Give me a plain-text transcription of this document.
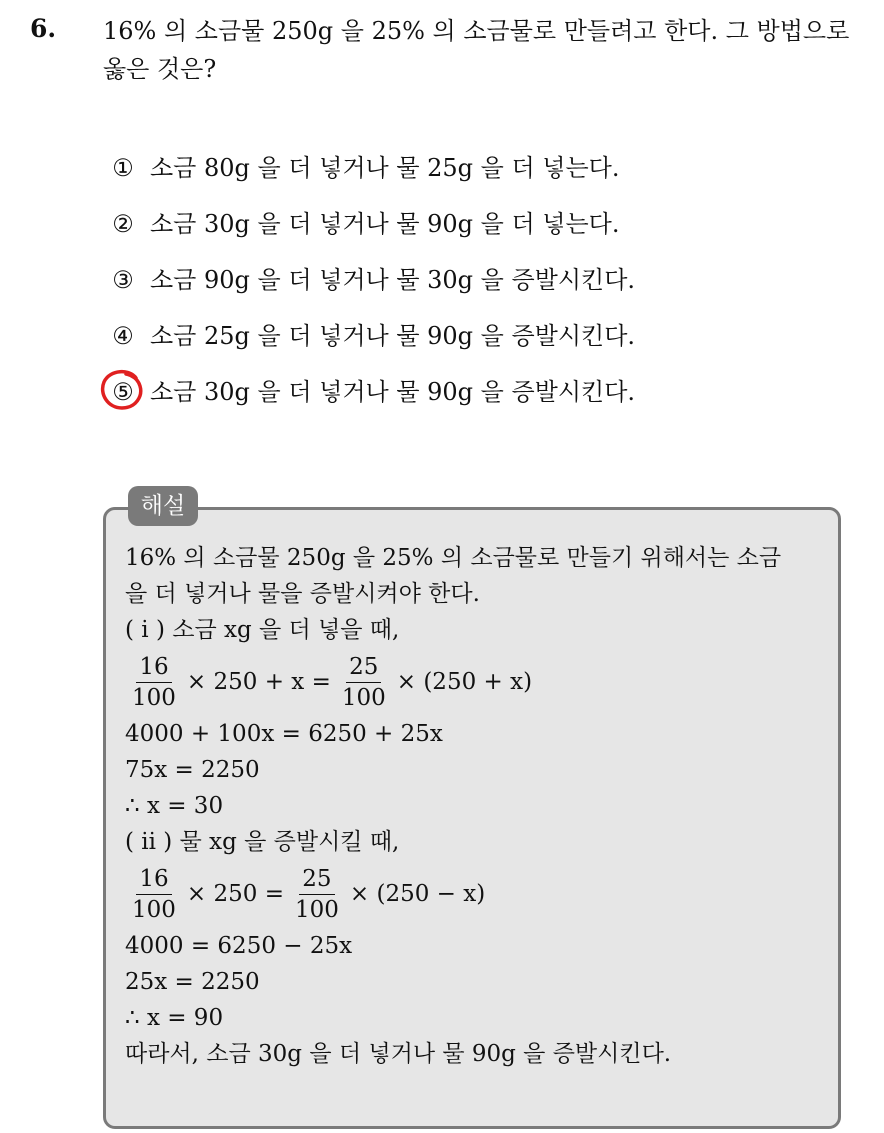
6. 16% 의 소금물 250g 을 25% 의 소금물로 만들려고 한다. 그 방법으로 옳은 것은?
① 소금 80g 을 더 넣거나 물 25g 을 더 넣는다.
② 소금 30g 을 더 넣거나 물 90g 을 더 넣는다.
③ 소금 90g 을 더 넣거나 물 30g 을 증발시킨다.
④ 소금 25g 을 더 넣거나 물 90g 을 증발시킨다.
⑤ 소금 30g 을 더 넣거나 물 90g 을 증발시킨다.
해설
16% 의 소금물 250g 을 25% 의 소금물로 만들기 위해서는 소금
을 더 넣거나 물을 증발시켜야 한다.
( i ) 소금 xg 을 더 넣을 때,
$\frac{16}{100} \times 250 + x = \frac{25}{100} \times (250 + x)$
4000 + 100x = 6250 + 25x
75x = 2250
∴ x = 30
( ii ) 물 xg 을 증발시킬 때,
$\frac{16}{100} \times 250 = \frac{25}{100} \times (250 - x)$
4000 = 6250 − 25x
25x = 2250
∴ x = 90
따라서, 소금 30g 을 더 넣거나 물 90g 을 증발시킨다.
